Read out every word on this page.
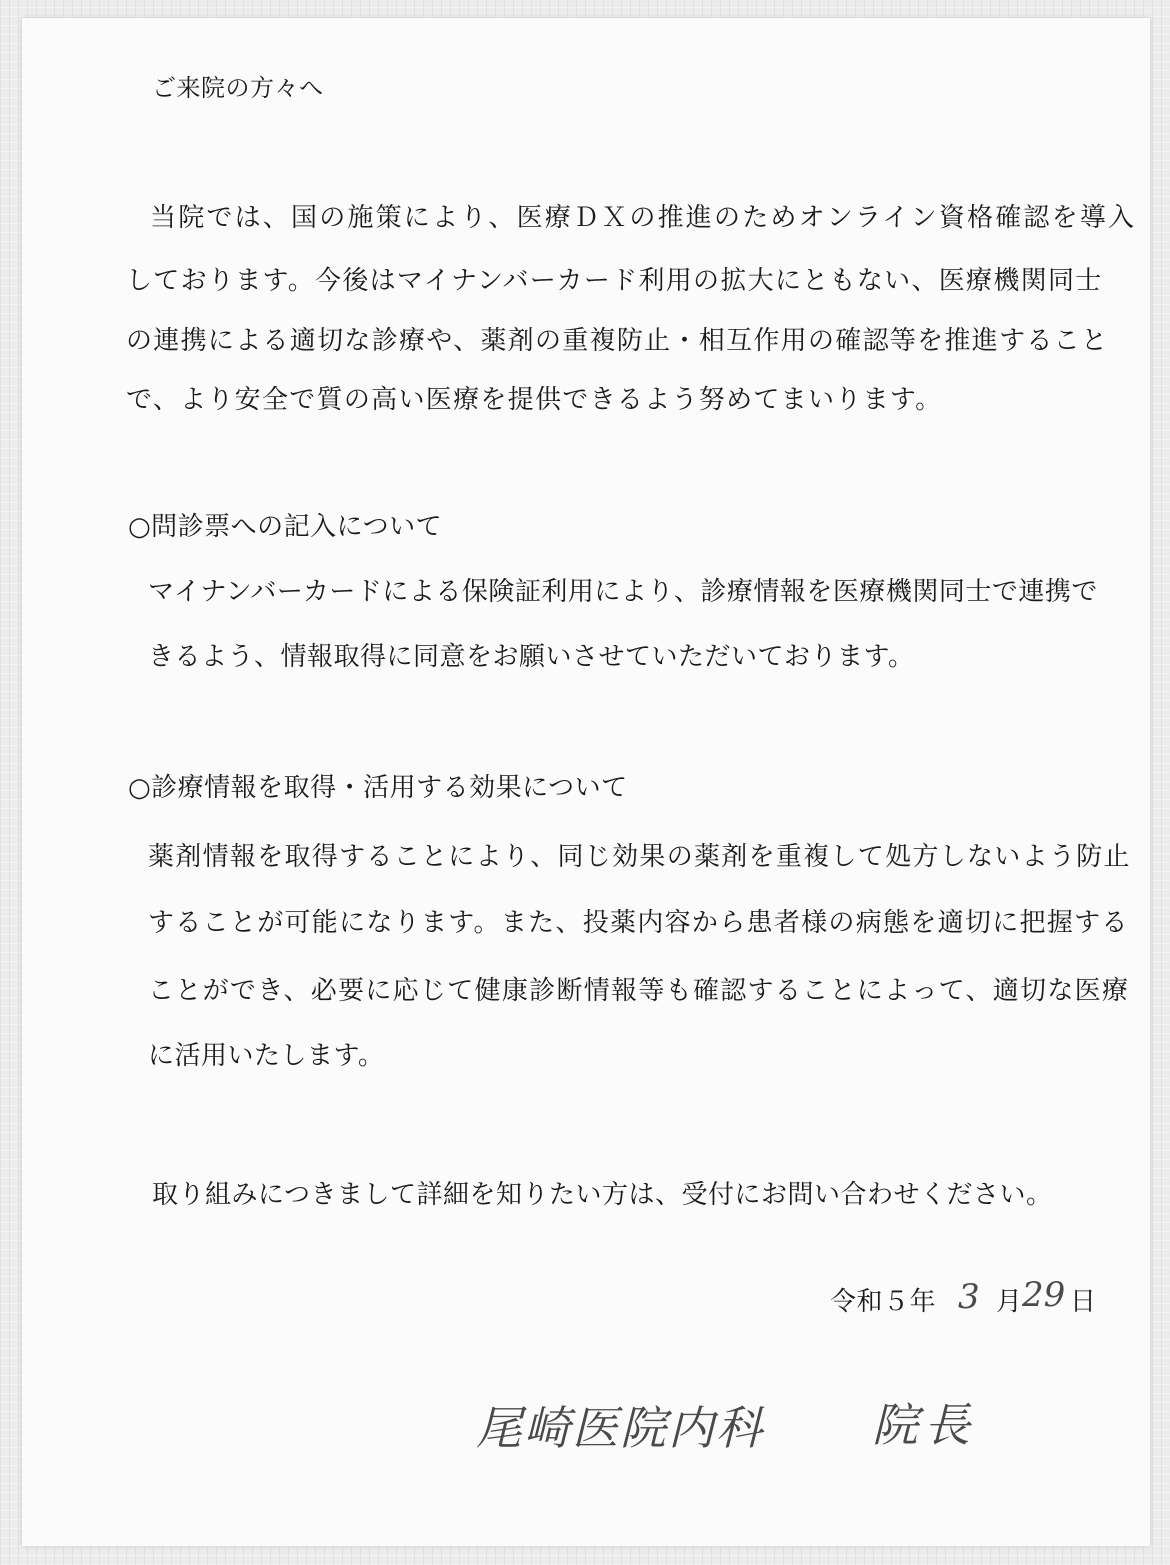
ご来院の方々へ

当院では、国の施策により、医療ＤＸの推進のためオンライン資格確認を導入

しております。今後はマイナンバーカード利用の拡大にともない、医療機関同士

の連携による適切な診療や、薬剤の重複防止・相互作用の確認等を推進すること

で、より安全で質の高い医療を提供できるよう努めてまいります。

○問診票への記入について

マイナンバーカードによる保険証利用により、診療情報を医療機関同士で連携で

きるよう、情報取得に同意をお願いさせていただいております。

○診療情報を取得・活用する効果について

薬剤情報を取得することにより、同じ効果の薬剤を重複して処方しないよう防止

することが可能になります。また、投薬内容から患者様の病態を適切に把握する

ことができ、必要に応じて健康診断情報等も確認することによって、適切な医療

に活用いたします。

取り組みにつきまして詳細を知りたい方は、受付にお問い合わせください。

令和５年 3 月 29 日
尾崎医院内科 院長
